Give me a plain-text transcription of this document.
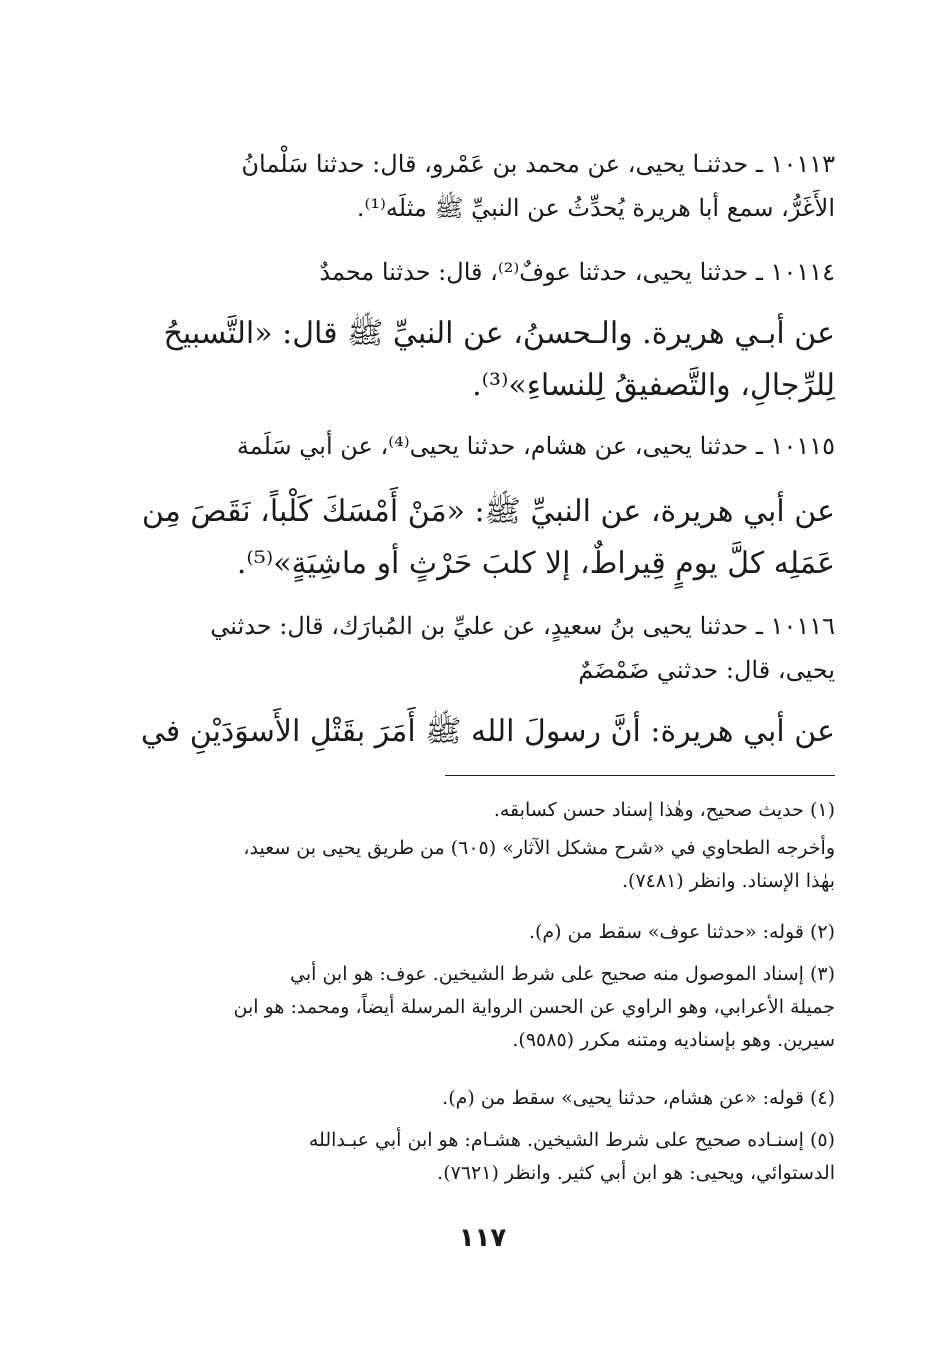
١٠١١٣ ـ حدثنـا يحيى، عن محمد بن عَمْرو، قال: حدثنا سَلْمانُ
الأَغَرُّ، سمع أبا هريرة يُحدِّثُ عن النبيِّ ﷺ مثلَه⁽¹⁾.
١٠١١٤ ـ حدثنا يحيى، حدثنا عوفٌ⁽²⁾، قال: حدثنا محمدٌ
عن أبـي هريرة. والـحسنُ، عن النبيِّ ﷺ قال: «التَّسبيحُ
لِلرِّجالِ، والتَّصفيقُ لِلنساءِ»⁽³⁾.
١٠١١٥ ـ حدثنا يحيى، عن هشام، حدثنا يحيى⁽⁴⁾، عن أبي سَلَمة
عن أبي هريرة، عن النبيِّ ﷺ: «مَنْ أَمْسَكَ كَلْباً، نَقَصَ مِن
عَمَلِه كلَّ يومٍ قِيراطٌ، إلا كلبَ حَرْثٍ أو ماشِيَةٍ»⁽⁵⁾.
١٠١١٦ ـ حدثنا يحيى بنُ سعيدٍ، عن عليِّ بن المُبارَك، قال: حدثني
يحيى، قال: حدثني ضَمْضَمٌ
عن أبي هريرة: أنَّ رسولَ الله ﷺ أَمَرَ بقَتْلِ الأَسوَدَيْنِ في
(١) حديث صحيح، وهٰذا إسناد حسن كسابقه.
وأخرجه الطحاوي في «شرح مشكل الآثار» (٦٠٥) من طريق يحيى بن سعيد،
بهٰذا الإسناد. وانظر (٧٤٨١).
(٢) قوله: «حدثنا عوف» سقط من (م).
(٣) إسناد الموصول منه صحيح على شرط الشيخين. عوف: هو ابن أبي
جميلة الأعرابي، وهو الراوي عن الحسن الرواية المرسلة أيضاً، ومحمد: هو ابن
سيرين. وهو بإسناديه ومتنه مكرر (٩٥٨٥).
(٤) قوله: «عن هشام، حدثنا يحيى» سقط من (م).
(٥) إسنـاده صحيح على شرط الشيخين. هشـام: هو ابن أبي عبـدالله
الدستوائي، ويحيى: هو ابن أبي كثير. وانظر (٧٦٢١).
١١٧
